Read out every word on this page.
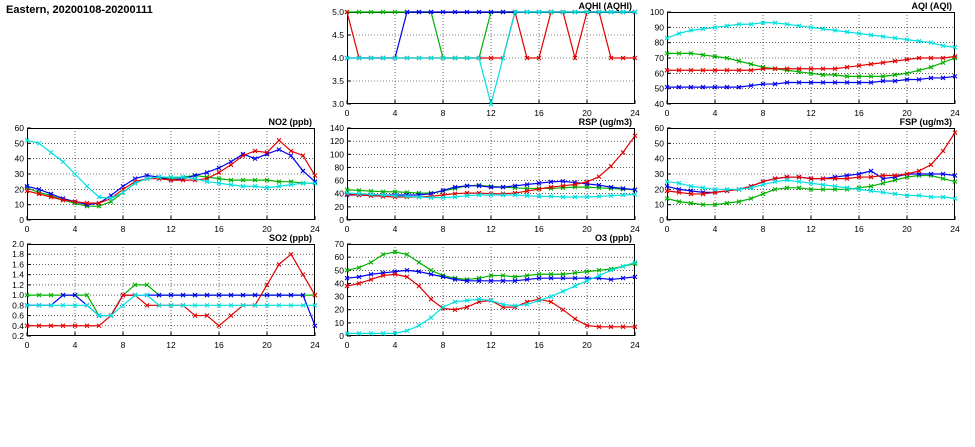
Eastern, 20200108-20200111	AQHI (AQHI)
3.0
3.5
4.0
4.5
5.0
0	4	8	12	16	20	24
AQI (AQI)
40
50
60
70
80
90
100
0	4	8	12	16	20	24
NO2 (ppb)
0
10
20
30
40
50
60
0	4	8	12	16	20	24
RSP (ug/m3)
0
20
40
60
80
100
120
140
0	4	8	12	16	20	24
FSP (ug/m3)
0
10
20
30
40
50
60
0	4	8	12	16	20	24
SO2 (ppb)
0.2
0.4
0.6
0.8
1.0
1.2
1.4
1.6
1.8
2.0
0	4	8	12	16	20	24
O3 (ppb)
0
10
20
30
40
50
60
70
0	4	8	12	16	20	24
